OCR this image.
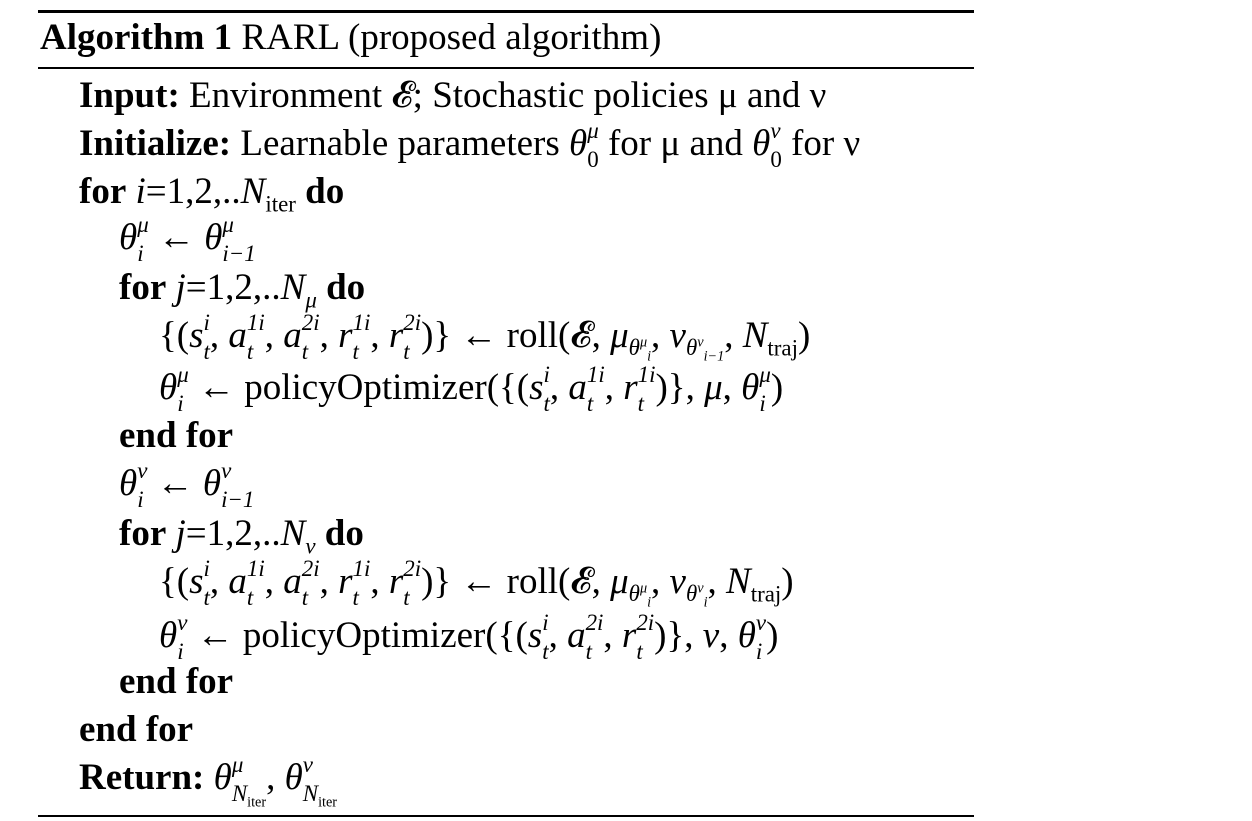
Algorithm 1 RARL (proposed algorithm)
Input: Environment 𝓔; Stochastic policies μ and ν
Initialize: Learnable parameters θ μ
0 for μ and θ ν
0 for ν
for $i=1,2,..N_{iter}$ do
θ μ
i ← θ μ
i−1
for $j=1,2,..N_\mu$ do
{(s i
t , a 1i
t , a 2i
t , r 1i
t , r 2i
t )} ← roll(𝓔, $\mu_{\theta^\mu_i}$, $\nu_{\theta^\nu_{i-1}}$, $N_{traj}$)
θ μ
i ← policyOptimizer({(s i
t , a 1i
t , r 1i
t )}, μ, θ μ
i )
end for
θ ν
i ← θ ν
i−1
for $j=1,2,..N_\nu$ do
{(s i
t , a 1i
t , a 2i
t , r 1i
t , r 2i
t )} ← roll(𝓔, $\mu_{\theta^\mu_i}$, $\nu_{\theta^\nu_i}$, $N_{traj}$)
θ ν
i ← policyOptimizer({(s i
t , a 2i
t , r 2i
t )}, ν, θ ν
i )
end for
end for
Return: θ μ
$N_{iter}$
, θ ν
$N_{iter}$
